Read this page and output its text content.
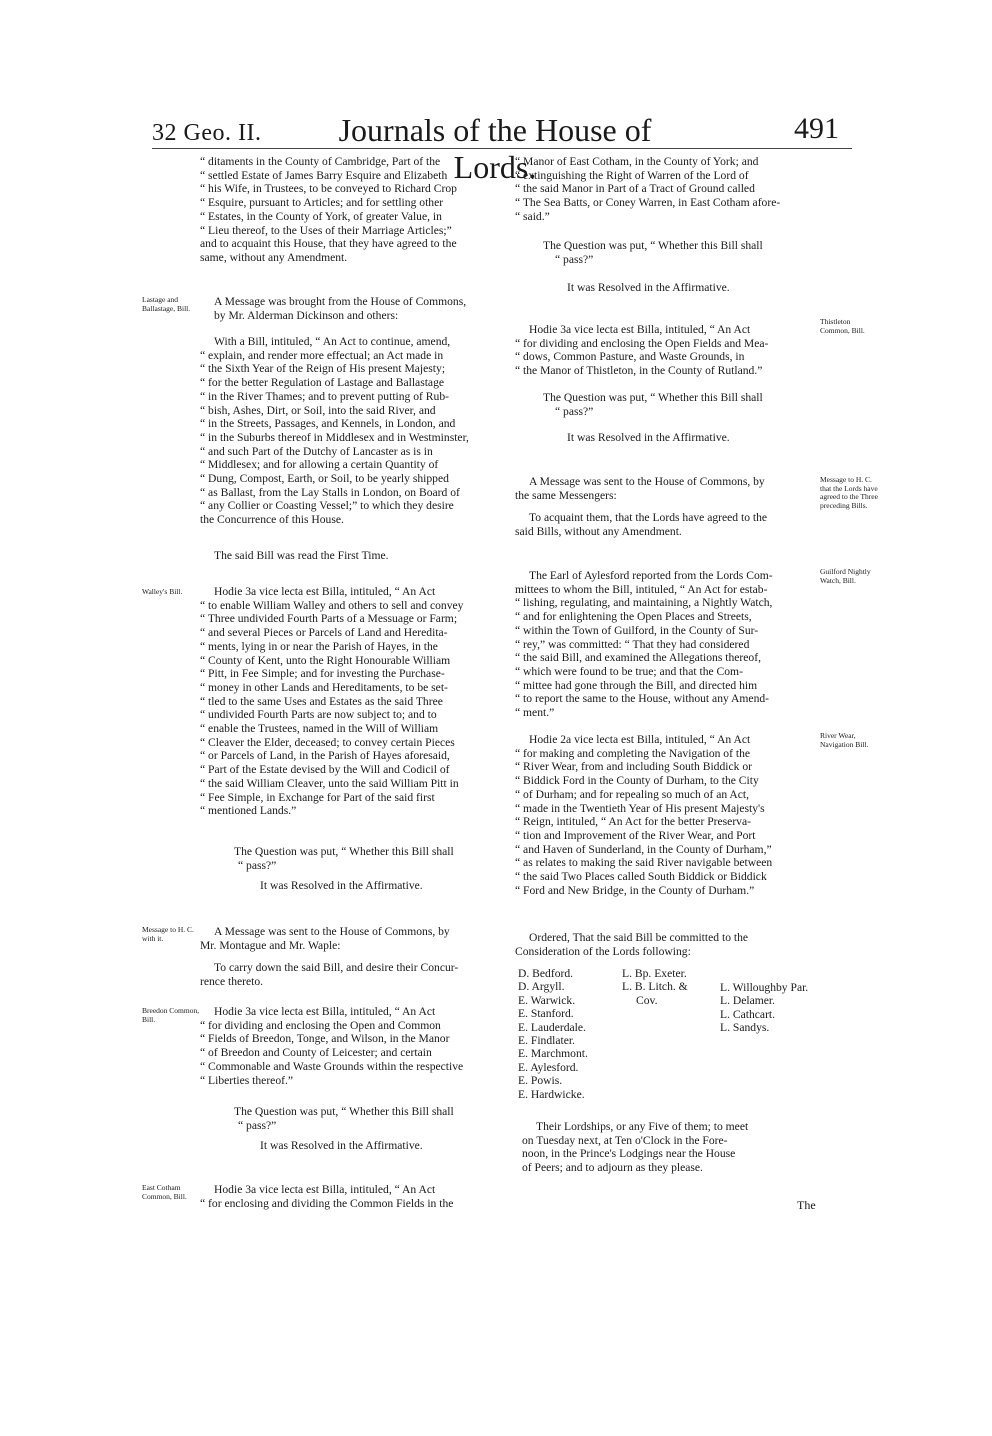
32 Geo. II. Journals of the House of Lords.
491
“ ditaments in the County of Cambridge, Part of the
“ settled Estate of James Barry Esquire and Elizabeth
“ his Wife, in Trustees, to be conveyed to Richard Crop
“ Esquire, pursuant to Articles; and for settling other
“ Estates, in the County of York, of greater Value, in
“ Lieu thereof, to the Uses of their Marriage Articles;”
and to acquaint this House, that they have agreed to the
same, without any Amendment.
A Message was brought from the House of Commons,
by Mr. Alderman Dickinson and others:
With a Bill, intituled, “ An Act to continue, amend,
“ explain, and render more effectual; an Act made in
“ the Sixth Year of the Reign of His present Majesty;
“ for the better Regulation of Lastage and Ballastage
“ in the River Thames; and to prevent putting of Rub-
“ bish, Ashes, Dirt, or Soil, into the said River, and
“ in the Streets, Passages, and Kennels, in London, and
“ in the Suburbs thereof in Middlesex and in Westminster,
“ and such Part of the Dutchy of Lancaster as is in
“ Middlesex; and for allowing a certain Quantity of
“ Dung, Compost, Earth, or Soil, to be yearly shipped
“ as Ballast, from the Lay Stalls in London, on Board of
“ any Collier or Coasting Vessel;” to which they desire
the Concurrence of this House.
The said Bill was read the First Time.
Hodie 3a vice lecta est Billa, intituled, “ An Act
“ to enable William Walley and others to sell and convey
“ Three undivided Fourth Parts of a Messuage or Farm;
“ and several Pieces or Parcels of Land and Heredita-
“ ments, lying in or near the Parish of Hayes, in the
“ County of Kent, unto the Right Honourable William
“ Pitt, in Fee Simple; and for investing the Purchase-
“ money in other Lands and Hereditaments, to be set-
“ tled to the same Uses and Estates as the said Three
“ undivided Fourth Parts are now subject to; and to
“ enable the Trustees, named in the Will of William
“ Cleaver the Elder, deceased; to convey certain Pieces
“ or Parcels of Land, in the Parish of Hayes aforesaid,
“ Part of the Estate devised by the Will and Codicil of
“ the said William Cleaver, unto the said William Pitt in
“ Fee Simple, in Exchange for Part of the said first
“ mentioned Lands.”
The Question was put, “ Whether this Bill shall
“ pass?”
It was Resolved in the Affirmative.
A Message was sent to the House of Commons, by
Mr. Montague and Mr. Waple:
To carry down the said Bill, and desire their Concur-
rence thereto.
Hodie 3a vice lecta est Billa, intituled, “ An Act
“ for dividing and enclosing the Open and Common
“ Fields of Breedon, Tonge, and Wilson, in the Manor
“ of Breedon and County of Leicester; and certain
“ Commonable and Waste Grounds within the respective
“ Liberties thereof.”
The Question was put, “ Whether this Bill shall
“ pass?”
It was Resolved in the Affirmative.
Hodie 3a vice lecta est Billa, intituled, “ An Act
“ for enclosing and dividing the Common Fields in the
Lastage and Ballastage, Bill.
Walley's Bill.
Message to H. C. with it.
Breedon Common, Bill.
East Cotham Common, Bill.
“ Manor of East Cotham, in the County of York; and
“ extinguishing the Right of Warren of the Lord of
“ the said Manor in Part of a Tract of Ground called
“ The Sea Batts, or Coney Warren, in East Cotham afore-
“ said.”
The Question was put, “ Whether this Bill shall
“ pass?”
It was Resolved in the Affirmative.
Hodie 3a vice lecta est Billa, intituled, “ An Act
“ for dividing and enclosing the Open Fields and Mea-
“ dows, Common Pasture, and Waste Grounds, in
“ the Manor of Thistleton, in the County of Rutland.”
The Question was put, “ Whether this Bill shall
“ pass?”
It was Resolved in the Affirmative.
A Message was sent to the House of Commons, by
the same Messengers:
To acquaint them, that the Lords have agreed to the
said Bills, without any Amendment.
The Earl of Aylesford reported from the Lords Com-
mittees to whom the Bill, intituled, “ An Act for estab-
“ lishing, regulating, and maintaining, a Nightly Watch,
“ and for enlightening the Open Places and Streets,
“ within the Town of Guilford, in the County of Sur-
“ rey,” was committed: “ That they had considered
“ the said Bill, and examined the Allegations thereof,
“ which were found to be true; and that the Com-
“ mittee had gone through the Bill, and directed him
“ to report the same to the House, without any Amend-
“ ment.”
Hodie 2a vice lecta est Billa, intituled, “ An Act
“ for making and completing the Navigation of the
“ River Wear, from and including South Biddick or
“ Biddick Ford in the County of Durham, to the City
“ of Durham; and for repealing so much of an Act,
“ made in the Twentieth Year of His present Majesty's
“ Reign, intituled, “ An Act for the better Preserva-
“ tion and Improvement of the River Wear, and Port
“ and Haven of Sunderland, in the County of Durham,”
“ as relates to making the said River navigable between
“ the said Two Places called South Biddick or Biddick
“ Ford and New Bridge, in the County of Durham.”
Ordered, That the said Bill be committed to the
Consideration of the Lords following:
Thistleton Common, Bill.
Message to H. C. that the Lords have agreed to the Three preceding Bills.
Guilford Nightly Watch, Bill.
River Wear, Navigation Bill.
D. Bedford.
D. Argyll.
E. Warwick.
E. Stanford.
E. Lauderdale.
E. Findlater.
E. Marchmont.
E. Aylesford.
E. Powis.
E. Hardwicke.
L. Bp. Exeter.
L. B. Litch. &
Cov.
L. Willoughby Par.
L. Delamer.
L. Cathcart.
L. Sandys.
Their Lordships, or any Five of them; to meet
on Tuesday next, at Ten o'Clock in the Fore-
noon, in the Prince's Lodgings near the House
of Peers; and to adjourn as they please.
The
